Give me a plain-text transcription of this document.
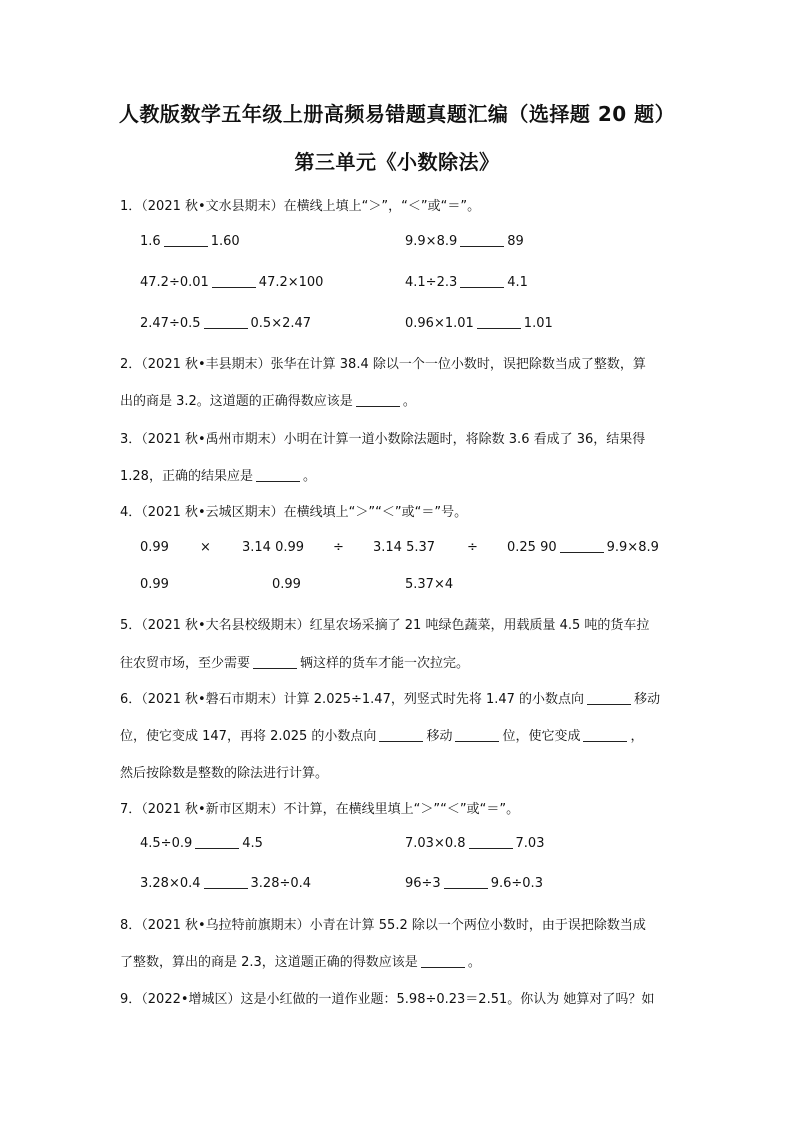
人教版数学五年级上册高频易错题真题汇编（选择题 20 题）
第三单元《小数除法》
1．（2021 秋•文水县期末）在横线上填上“＞”，“＜”或“＝”。
1.6	1.60	9.9×8.9	89
47.2÷0.01	47.2×100	4.1÷2.3	4.1
2.47÷0.5	0.5×2.47	0.96×1.01	1.01
2．（2021 秋•丰县期末）张华在计算 38.4 除以一个一位小数时，误把除数当成了整数，算
出的商是 3.2。这道题的正确得数应该是	。
3．（2021 秋•禹州市期末）小明在计算一道小数除法题时，将除数 3.6 看成了 36，结果得
1.28，正确的结果应是	。
4．（2021 秋•云城区期末）在横线填上“＞”“＜”或“＝”号。
0.99 × 3.14 0.99 ÷ 3.14 5.37 ÷ 0.25 90	9.9×8.9
0.99	0.99	5.37×4
5．（2021 秋•大名县校级期末）红星农场采摘了 21 吨绿色蔬菜，用载质量 4.5 吨的货车拉
往农贸市场，至少需要	辆这样的货车才能一次拉完。
6．（2021 秋•磐石市期末）计算 2.025÷1.47，列竖式时先将 1.47 的小数点向	移动
位，使它变成 147，再将 2.025 的小数点向	移动	位，使它变成	，
然后按除数是整数的除法进行计算。
7．（2021 秋•新市区期末）不计算，在横线里填上“＞”“＜”或“＝”。
4.5÷0.9	4.5	7.03×0.8	7.03
3.28×0.4	3.28÷0.4	96÷3	9.6÷0.3
8．（2021 秋•乌拉特前旗期末）小青在计算 55.2 除以一个两位小数时，由于误把除数当成
了整数，算出的商是 2.3，这道题正确的得数应该是	。
9．（2022•增城区）这是小红做的一道作业题：5.98÷0.23＝2.51。你认为 她算对了吗？如
